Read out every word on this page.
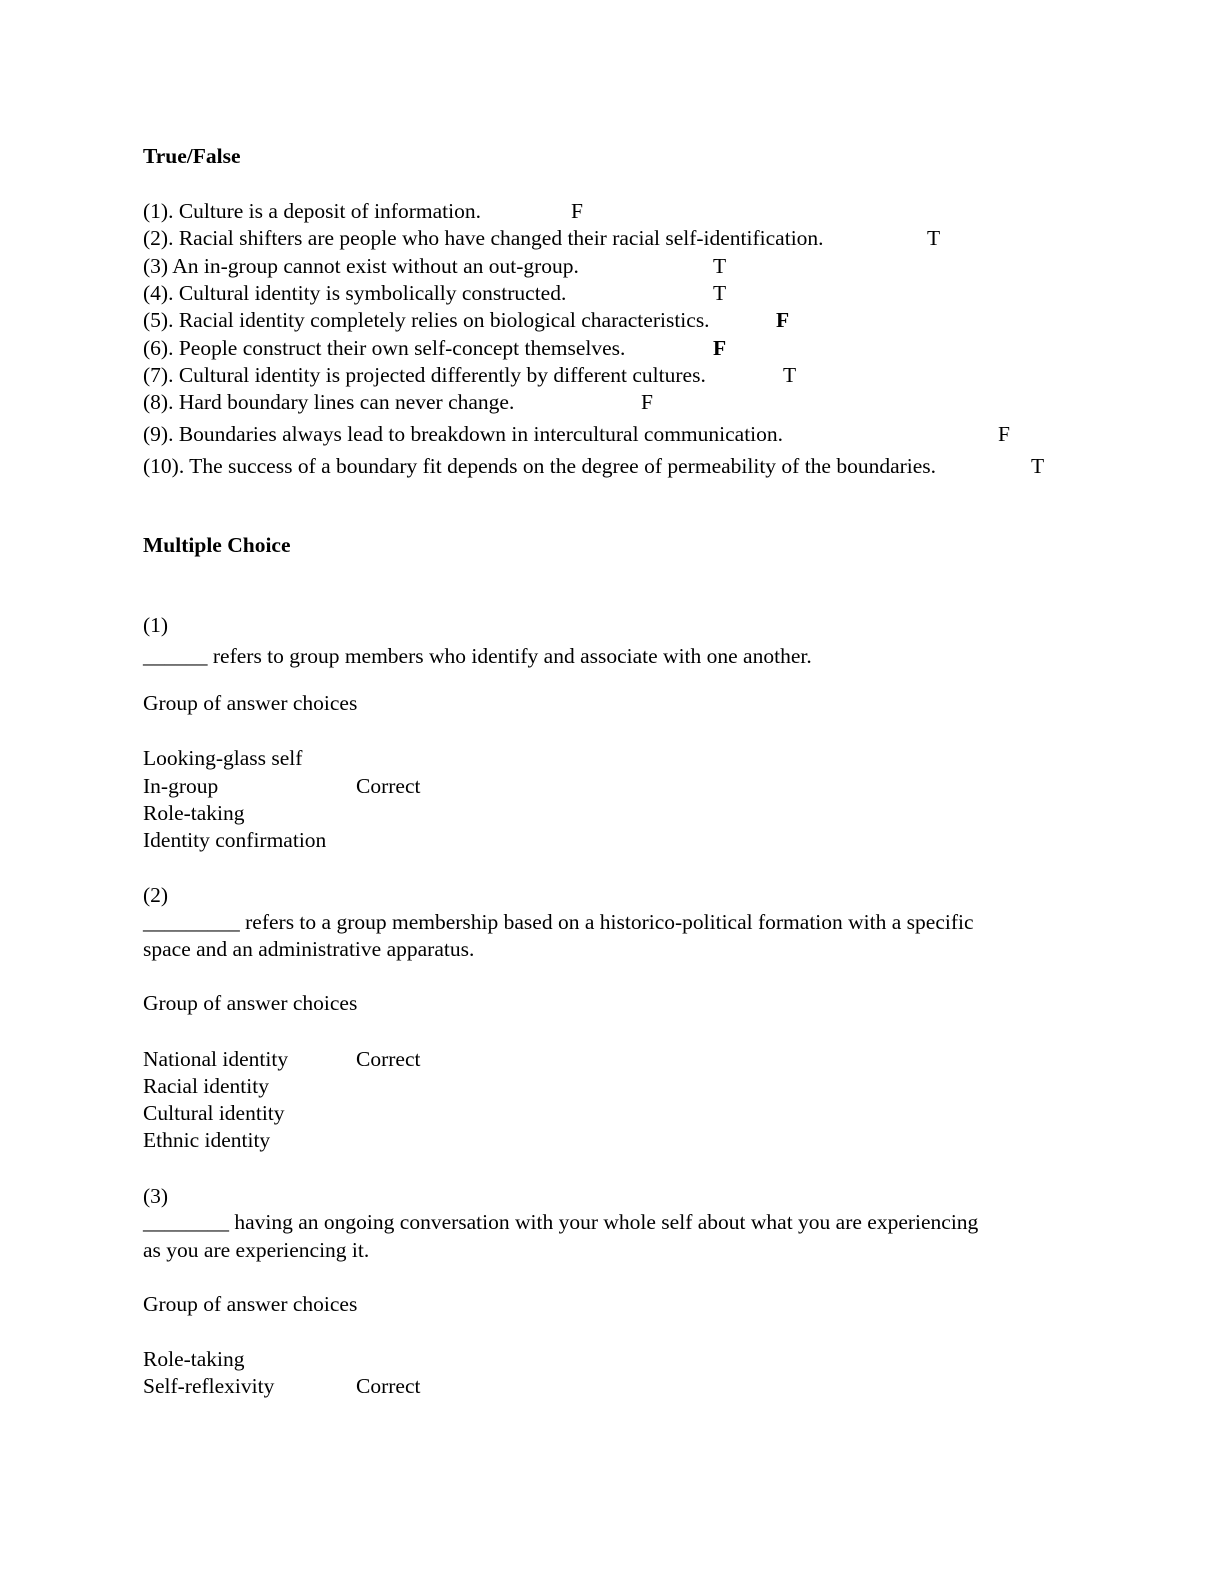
True/False
(1). Culture is a deposit of information.	F
(2). Racial shifters are people who have changed their racial self-identification.	T
(3) An in-group cannot exist without an out-group.	T
(4). Cultural identity is symbolically constructed.	T
(5). Racial identity completely relies on biological characteristics.	F
(6). People construct their own self-concept themselves.	F
(7). Cultural identity is projected differently by different cultures.	T
(8). Hard boundary lines can never change.	F
(9). Boundaries always lead to breakdown in intercultural communication.	F
(10). The success of a boundary fit depends on the degree of permeability of the boundaries.	T
Multiple Choice
(1)
______ refers to group members who identify and associate with one another.
Group of answer choices
Looking-glass self
In-group	Correct
Role-taking
Identity confirmation
(2)
_________ refers to a group membership based on a historico-political formation with a specific
space and an administrative apparatus.
Group of answer choices
National identity	Correct
Racial identity
Cultural identity
Ethnic identity
(3)
________ having an ongoing conversation with your whole self about what you are experiencing
as you are experiencing it.
Group of answer choices
Role-taking
Self-reflexivity	Correct
